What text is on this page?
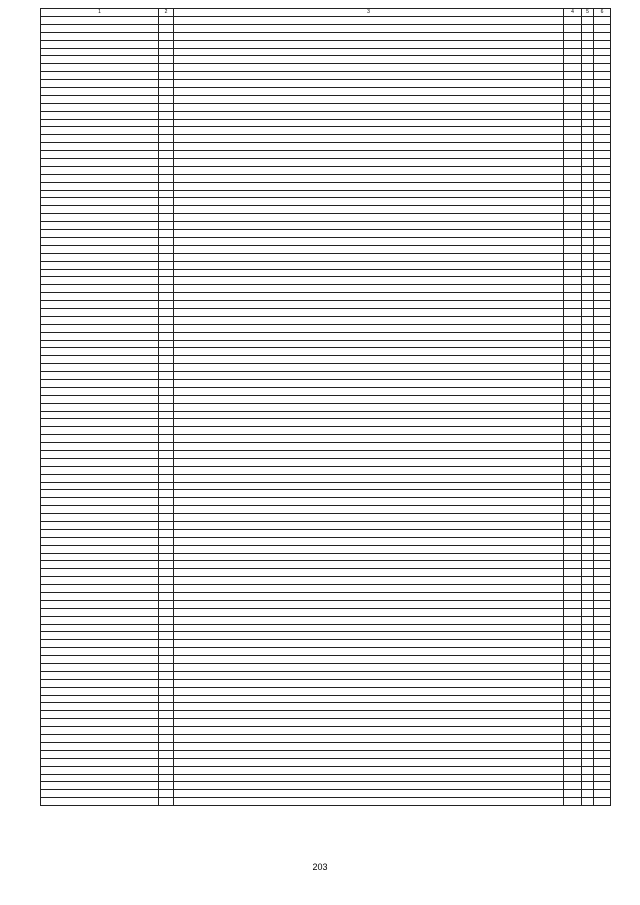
1	2	3	4	5	6	

203
